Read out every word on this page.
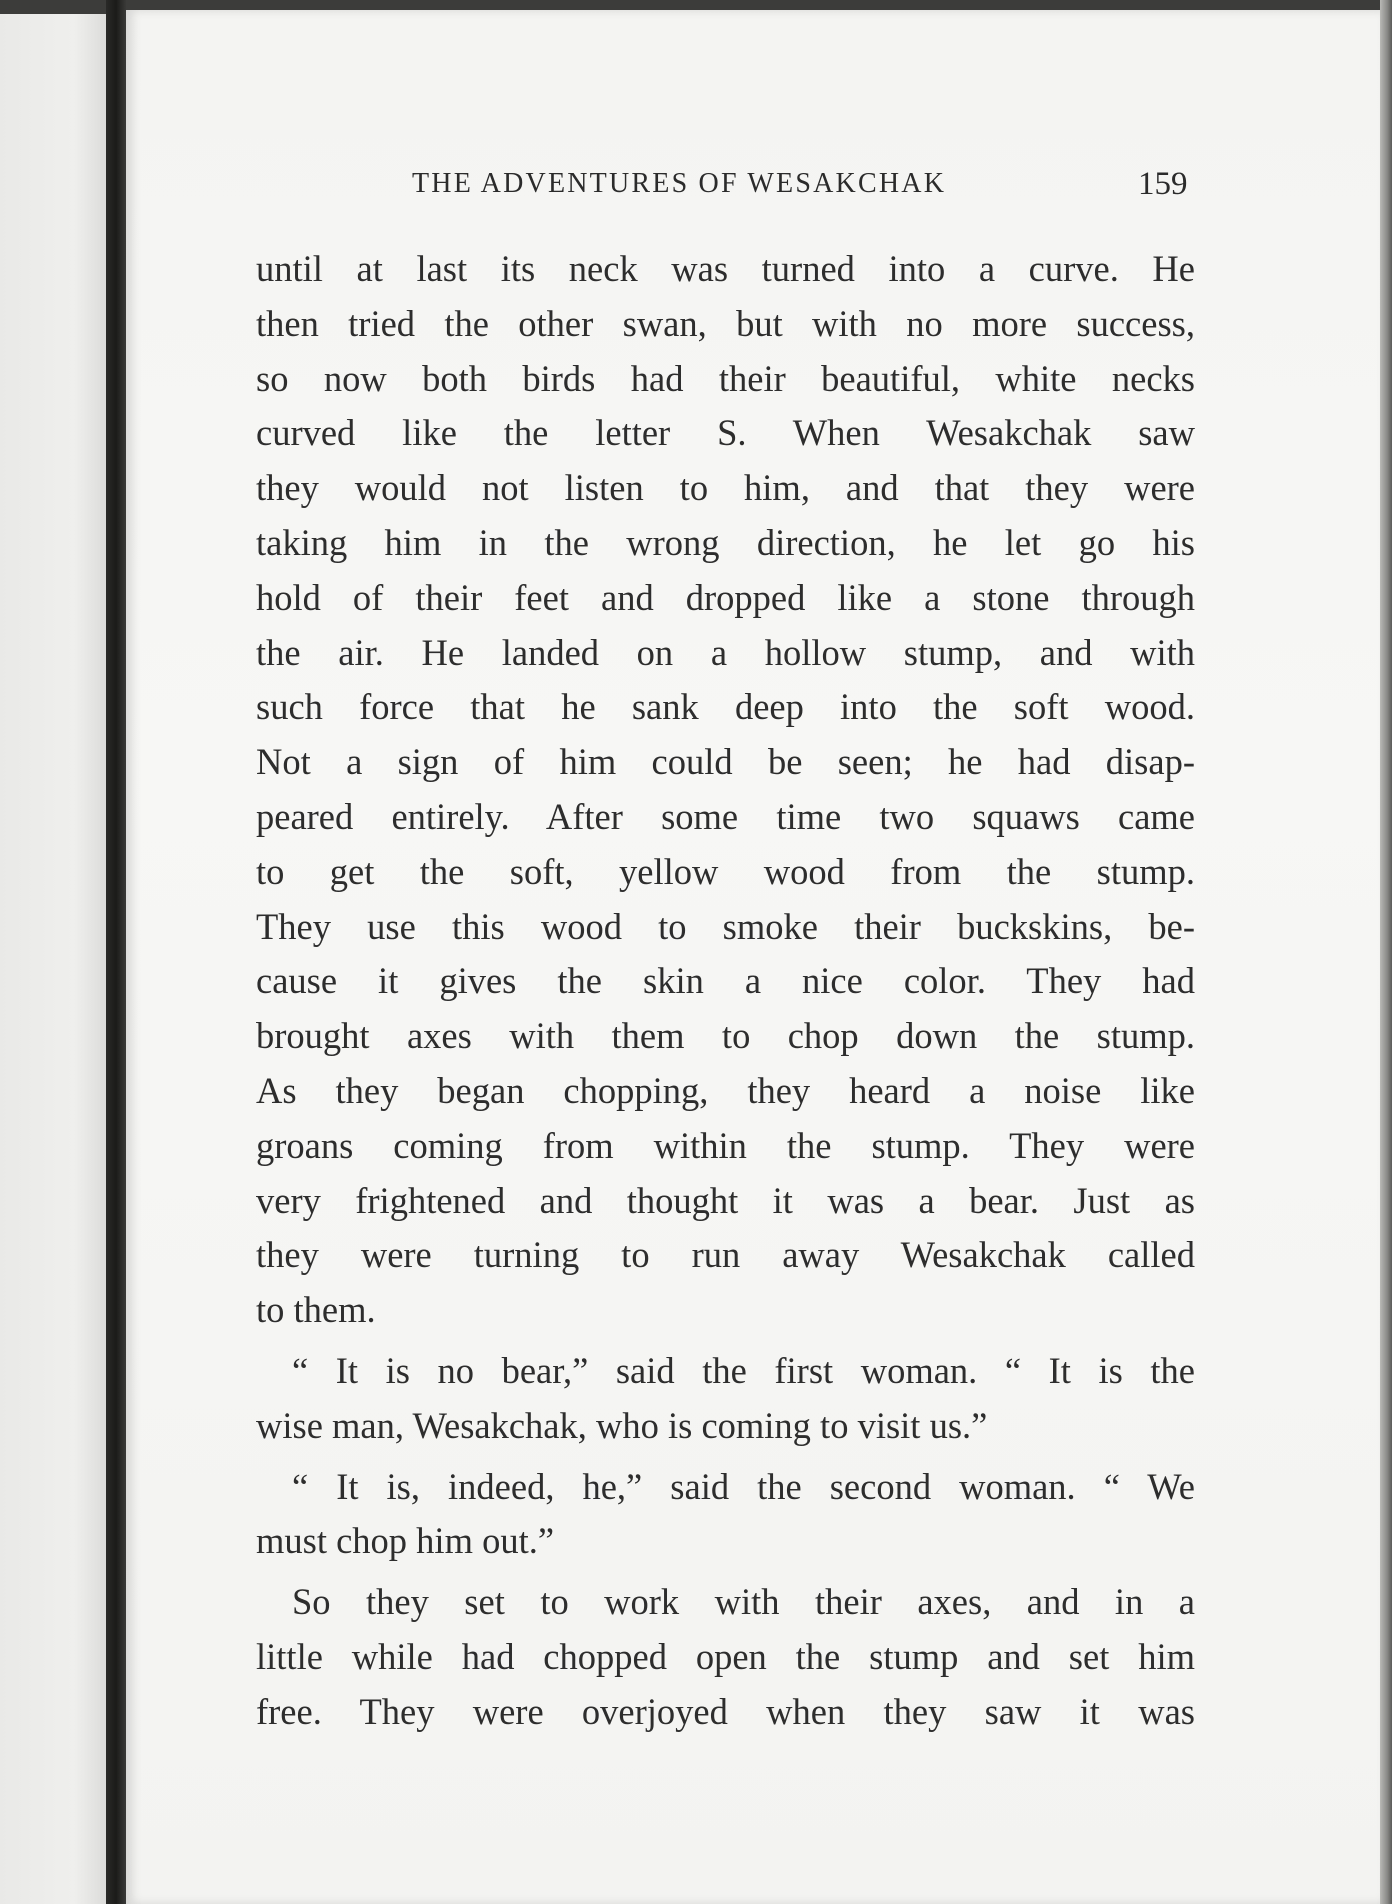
THE ADVENTURES OF WESAKCHAK	159
until at last its neck was turned into a curve. He
then tried the other swan, but with no more success,
so now both birds had their beautiful, white necks
curved like the letter S. When Wesakchak saw
they would not listen to him, and that they were
taking him in the wrong direction, he let go his
hold of their feet and dropped like a stone through
the air. He landed on a hollow stump, and with
such force that he sank deep into the soft wood.
Not a sign of him could be seen; he had disap-
peared entirely. After some time two squaws came
to get the soft, yellow wood from the stump.
They use this wood to smoke their buckskins, be-
cause it gives the skin a nice color. They had
brought axes with them to chop down the stump.
As they began chopping, they heard a noise like
groans coming from within the stump. They were
very frightened and thought it was a bear. Just as
they were turning to run away Wesakchak called
to them.
“ It is no bear,” said the first woman. “ It is the
wise man, Wesakchak, who is coming to visit us.”
“ It is, indeed, he,” said the second woman. “ We
must chop him out.”
So they set to work with their axes, and in a
little while had chopped open the stump and set him
free. They were overjoyed when they saw it was
